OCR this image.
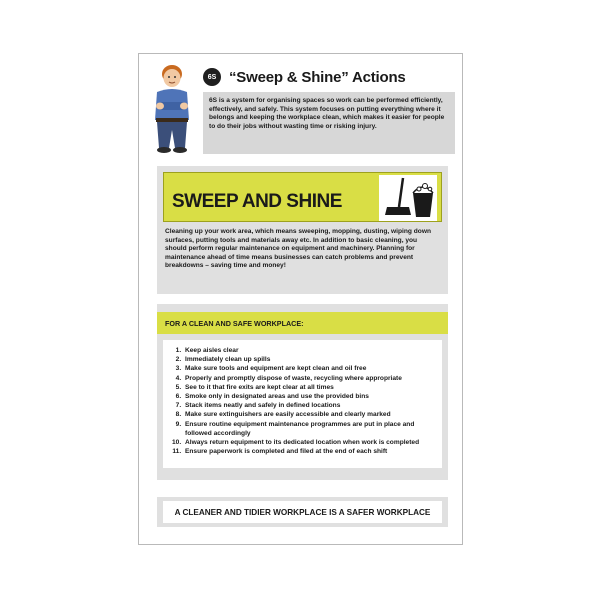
6S “Sweep & Shine” Actions
6S is a system for organising spaces so work can be performed efficiently, effectively, and safely. This system focuses on putting everything where it belongs and keeping the workplace clean, which makes it easier for people to do their jobs without wasting time or risking injury.
SWEEP AND SHINE
Cleaning up your work area, which means sweeping, mopping, dusting, wiping down surfaces, putting tools and materials away etc. In addition to basic cleaning, you should perform regular maintenance on equipment and machinery. Planning for maintenance ahead of time means businesses can catch problems and prevent breakdowns – saving time and money!
FOR A CLEAN AND SAFE WORKPLACE:
1. Keep aisles clear
2. Immediately clean up spills
3. Make sure tools and equipment are kept clean and oil free
4. Properly and promptly dispose of waste, recycling where appropriate
5. See to it that fire exits are kept clear at all times
6. Smoke only in designated areas and use the provided bins
7. Stack items neatly and safely in defined locations
8. Make sure extinguishers are easily accessible and clearly marked
9. Ensure routine equipment maintenance programmes are put in place and followed accordingly
10. Always return equipment to its dedicated location when work is completed
11. Ensure paperwork is completed and filed at the end of each shift
A CLEANER AND TIDIER WORKPLACE IS A SAFER WORKPLACE
